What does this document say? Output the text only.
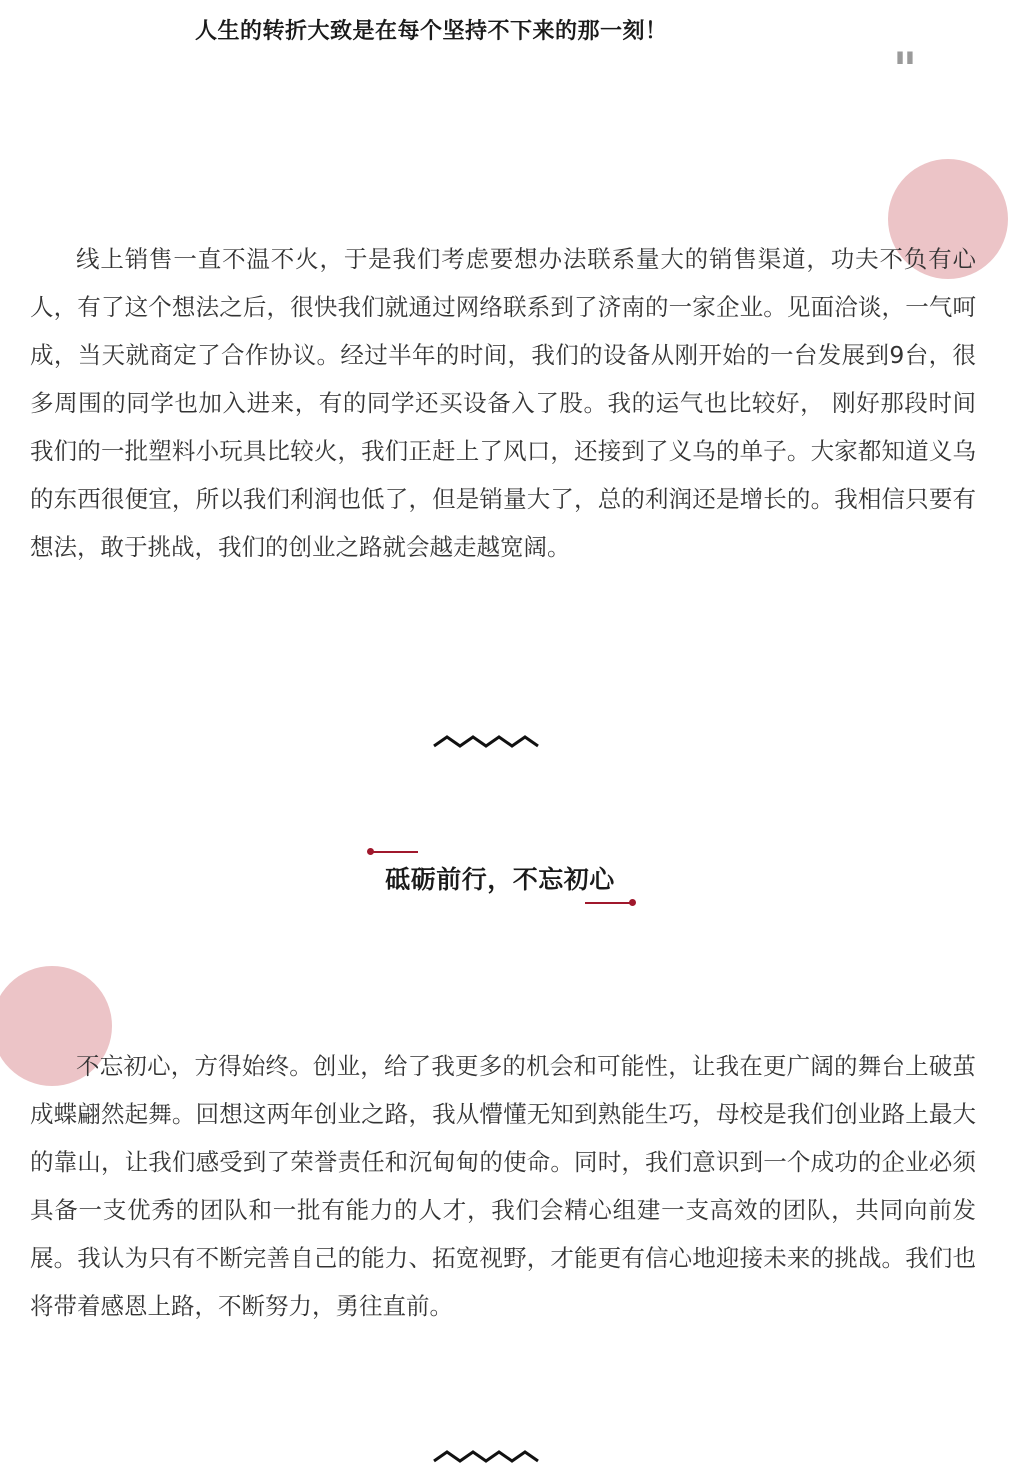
人生的转折大致是在每个坚持不下来的那一刻！
"

线上销售一直不温不火，于是我们考虑要想办法联系量大的销售渠道，功夫不负有心人，有了这个想法之后，很快我们就通过网络联系到了济南的一家企业。见面洽谈，一气呵成，当天就商定了合作协议。经过半年的时间，我们的设备从刚开始的一台发展到9台，很多周围的同学也加入进来，有的同学还买设备入了股。我的运气也比较好， 刚好那段时间我们的一批塑料小玩具比较火，我们正赶上了风口，还接到了义乌的单子。大家都知道义乌的东西很便宜，所以我们利润也低了，但是销量大了，总的利润还是增长的。我相信只要有想法，敢于挑战，我们的创业之路就会越走越宽阔。

砥砺前行，不忘初心

不忘初心，方得始终。创业，给了我更多的机会和可能性，让我在更广阔的舞台上破茧成蝶翩然起舞。回想这两年创业之路，我从懵懂无知到熟能生巧，母校是我们创业路上最大的靠山，让我们感受到了荣誉责任和沉甸甸的使命。同时，我们意识到一个成功的企业必须具备一支优秀的团队和一批有能力的人才，我们会精心组建一支高效的团队，共同向前发展。我认为只有不断完善自己的能力、拓宽视野，才能更有信心地迎接未来的挑战。我们也将带着感恩上路，不断努力，勇往直前。
